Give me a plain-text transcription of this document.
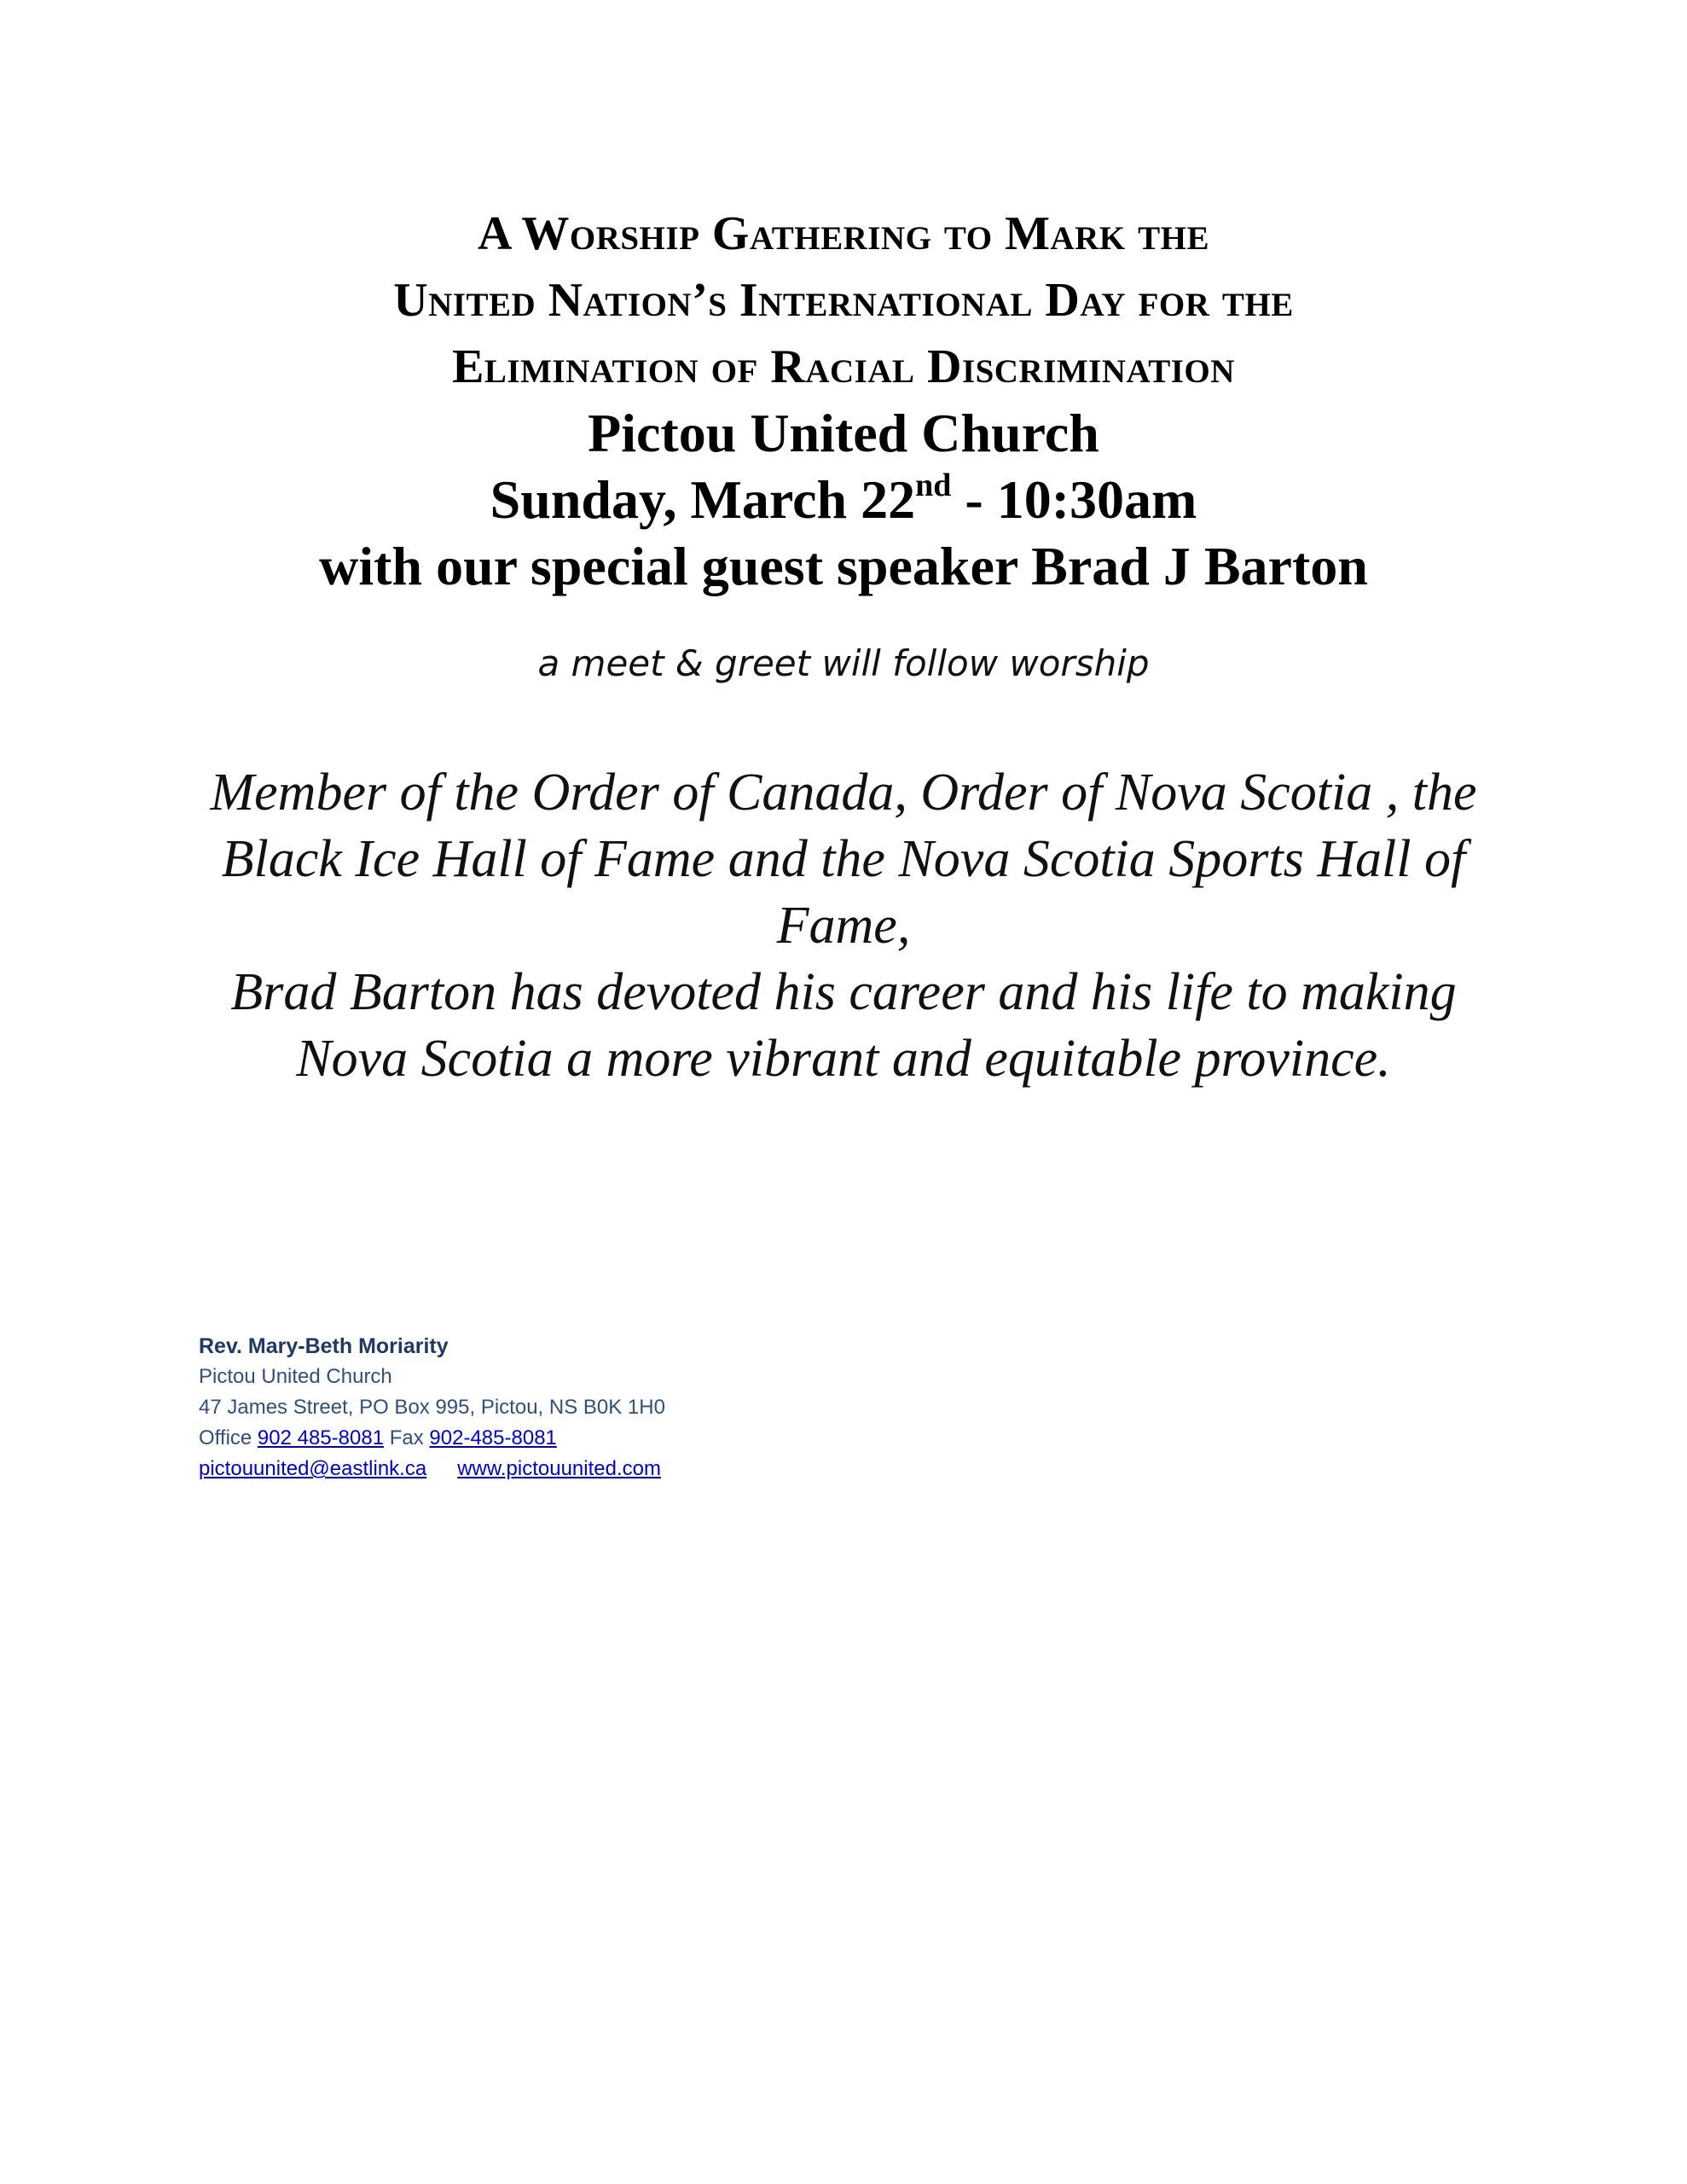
A Worship Gathering to Mark the
United Nation’s International Day for the
Elimination of Racial Discrimination
Pictou United Church
Sunday, March 22nd - 10:30am
with our special guest speaker Brad J Barton
a meet & greet will follow worship

Member of the Order of Canada, Order of Nova Scotia , the Black Ice Hall of Fame and the Nova Scotia Sports Hall of Fame,

Brad Barton has devoted his career and his life to making Nova Scotia a more vibrant and equitable province.

Rev. Mary-Beth Moriarity
Pictou United Church
47 James Street, PO Box 995, Pictou, NS B0K 1H0
Office 902 485-8081 Fax 902-485-8081
pictouunited@eastlink.ca www.pictouunited.com
